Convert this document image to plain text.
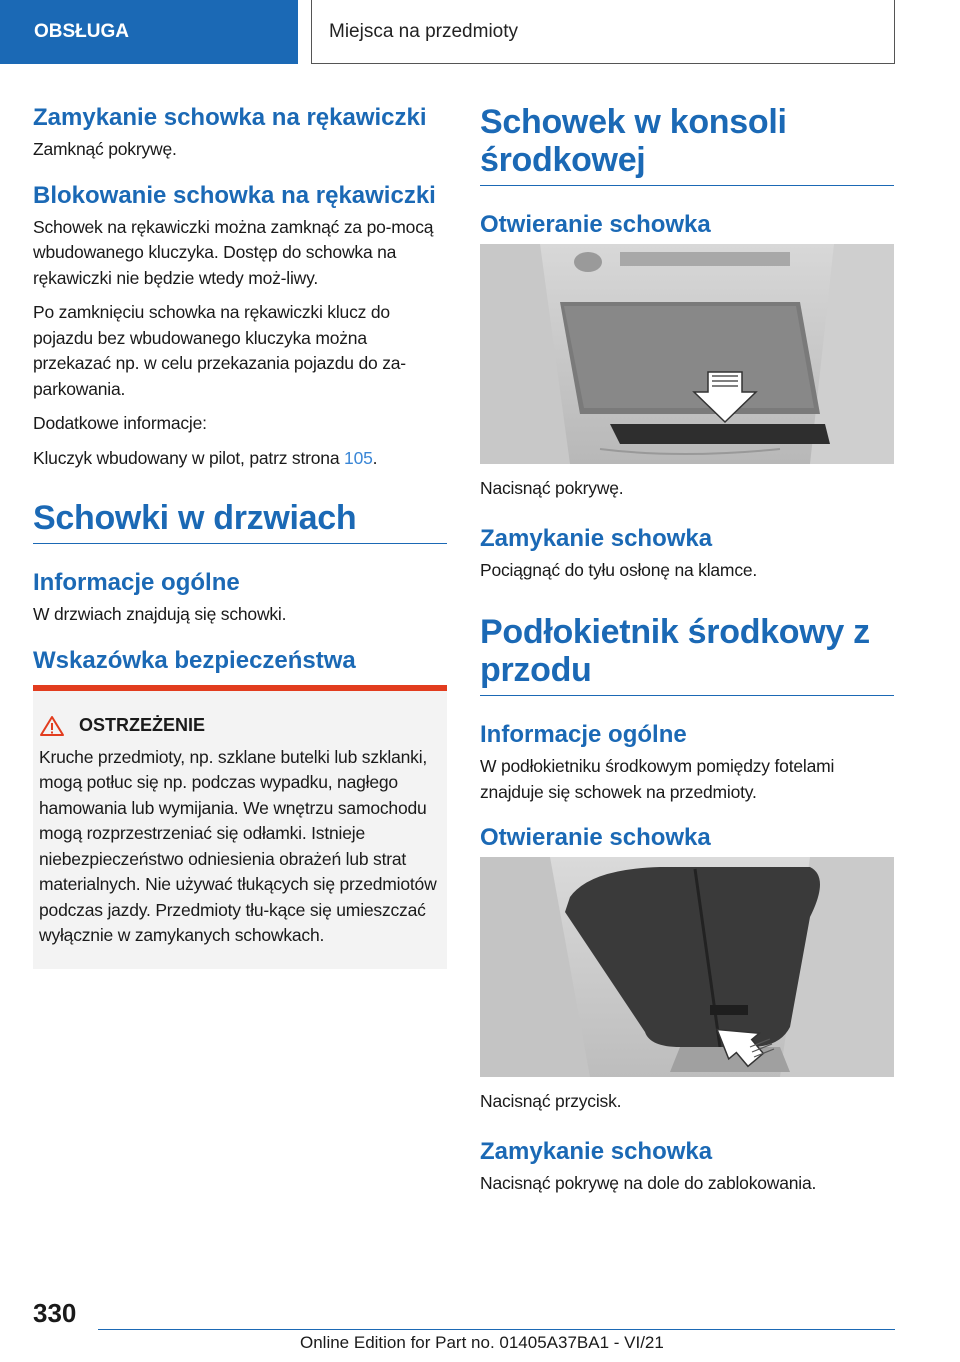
OBSŁUGA	Miejsca na przedmioty
Zamykanie schowka na rękawiczki

Zamknąć pokrywę.

Blokowanie schowka na rękawiczki

Schowek na rękawiczki można zamknąć za po-mocą wbudowanego kluczyka. Dostęp do schowka na rękawiczki nie będzie wtedy moż-liwy.

Po zamknięciu schowka na rękawiczki klucz do pojazdu bez wbudowanego kluczyka można przekazać np. w celu przekazania pojazdu do za-parkowania.

Dodatkowe informacje:

Kluczyk wbudowany w pilot, patrz strona 105.

Schowki w drzwiach
Informacje ogólne

W drzwiach znajdują się schowki.

Wskazówka bezpieczeństwa
OSTRZEŻENIE

Kruche przedmioty, np. szklane butelki lub szklanki, mogą potłuc się np. podczas wypadku, nagłego hamowania lub wymijania. We wnętrzu samochodu mogą rozprzestrzeniać się odłamki. Istnieje niebezpieczeństwo odniesienia obrażeń lub strat materialnych. Nie używać tłukących się przedmiotów podczas jazdy. Przedmioty tłu-kące się umieszczać wyłącznie w zamykanych schowkach.

Schowek w konsoli środkowej
Otwieranie schowka

Nacisnąć pokrywę.

Zamykanie schowka

Pociągnąć do tyłu osłonę na klamce.

Podłokietnik środkowy z przodu
Informacje ogólne

W podłokietniku środkowym pomiędzy fotelami znajduje się schowek na przedmioty.

Otwieranie schowka

Nacisnąć przycisk.

Zamykanie schowka

Nacisnąć pokrywę na dole do zablokowania.

330
Online Edition for Part no. 01405A37BA1 - VI/21
